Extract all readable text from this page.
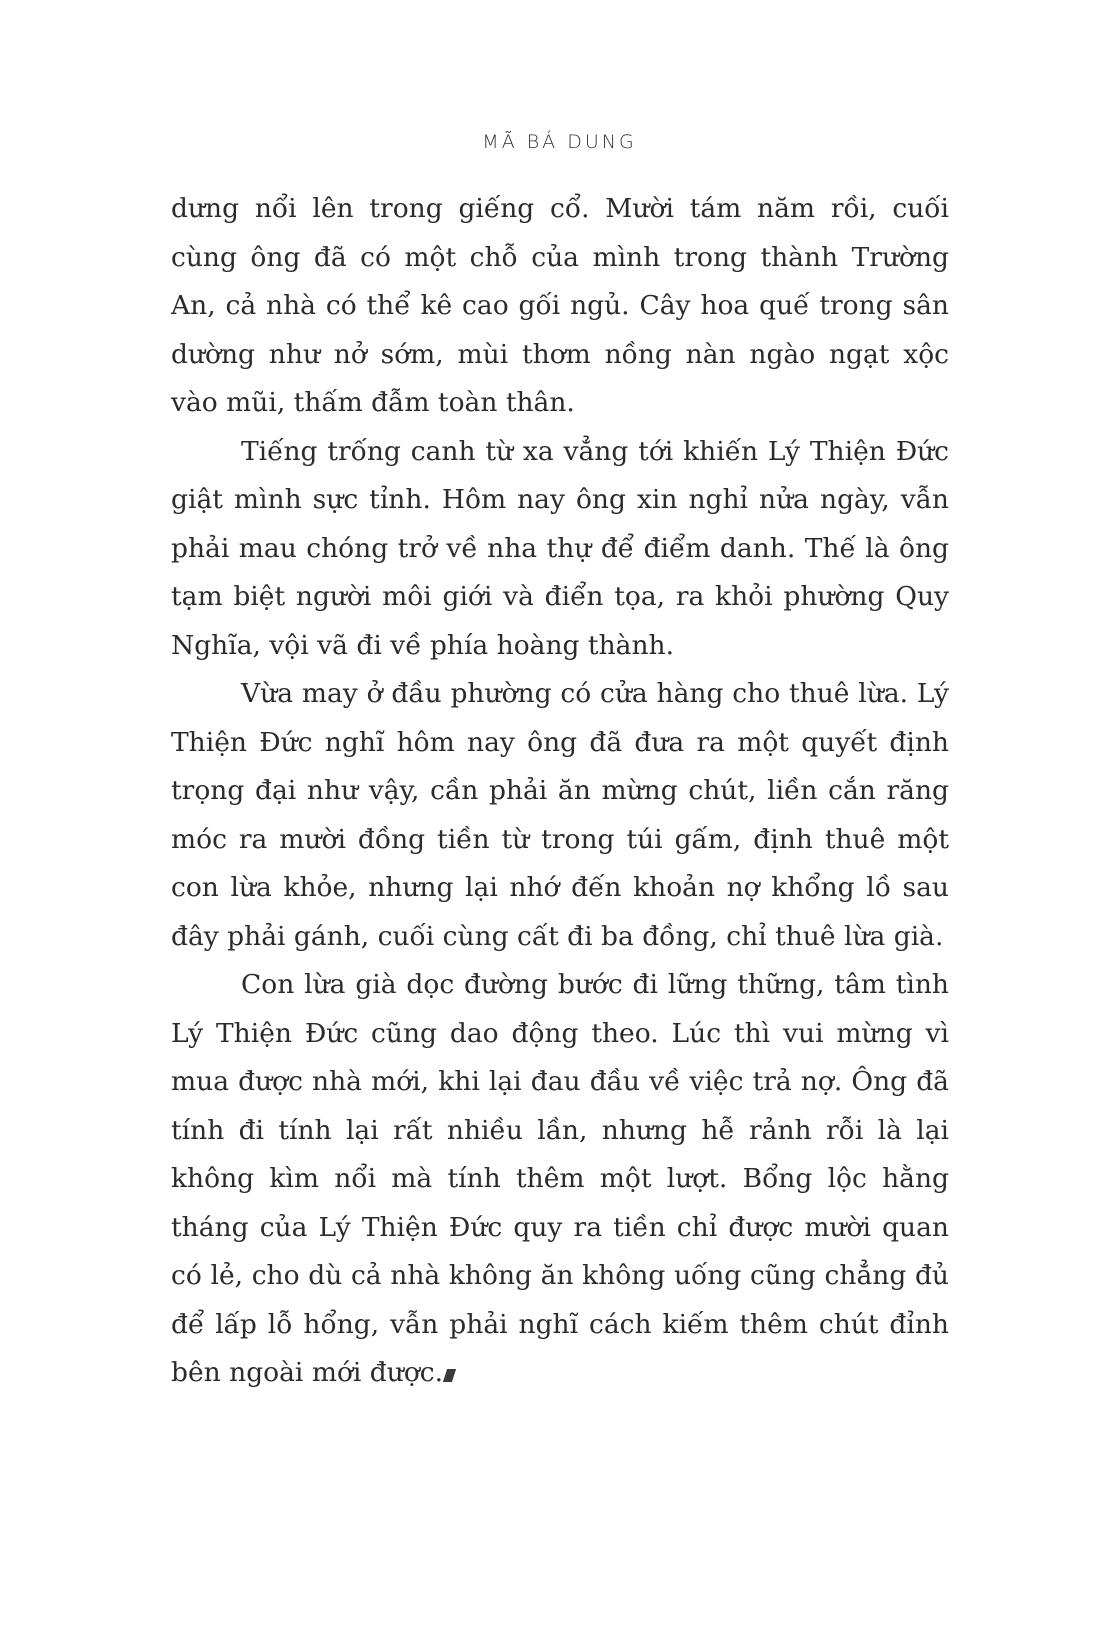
MÃ BÁ DUNG

dưng nổi lên trong giếng cổ. Mười tám năm rồi, cuối cùng ông đã có một chỗ của mình trong thành Trường An, cả nhà có thể kê cao gối ngủ. Cây hoa quế trong sân dường như nở sớm, mùi thơm nồng nàn ngào ngạt xộc vào mũi, thấm đẫm toàn thân.

Tiếng trống canh từ xa vẳng tới khiến Lý Thiện Đức giật mình sực tỉnh. Hôm nay ông xin nghỉ nửa ngày, vẫn phải mau chóng trở về nha thự để điểm danh. Thế là ông tạm biệt người môi giới và điển tọa, ra khỏi phường Quy Nghĩa, vội vã đi về phía hoàng thành.

Vừa may ở đầu phường có cửa hàng cho thuê lừa. Lý Thiện Đức nghĩ hôm nay ông đã đưa ra một quyết định trọng đại như vậy, cần phải ăn mừng chút, liền cắn răng móc ra mười đồng tiền từ trong túi gấm, định thuê một con lừa khỏe, nhưng lại nhớ đến khoản nợ khổng lồ sau đây phải gánh, cuối cùng cất đi ba đồng, chỉ thuê lừa già.

Con lừa già dọc đường bước đi lững thững, tâm tình Lý Thiện Đức cũng dao động theo. Lúc thì vui mừng vì mua được nhà mới, khi lại đau đầu về việc trả nợ. Ông đã tính đi tính lại rất nhiều lần, nhưng hễ rảnh rỗi là lại không kìm nổi mà tính thêm một lượt. Bổng lộc hằng tháng của Lý Thiện Đức quy ra tiền chỉ được mười quan có lẻ, cho dù cả nhà không ăn không uống cũng chẳng đủ để lấp lỗ hổng, vẫn phải nghĩ cách kiếm thêm chút đỉnh bên ngoài mới được.
